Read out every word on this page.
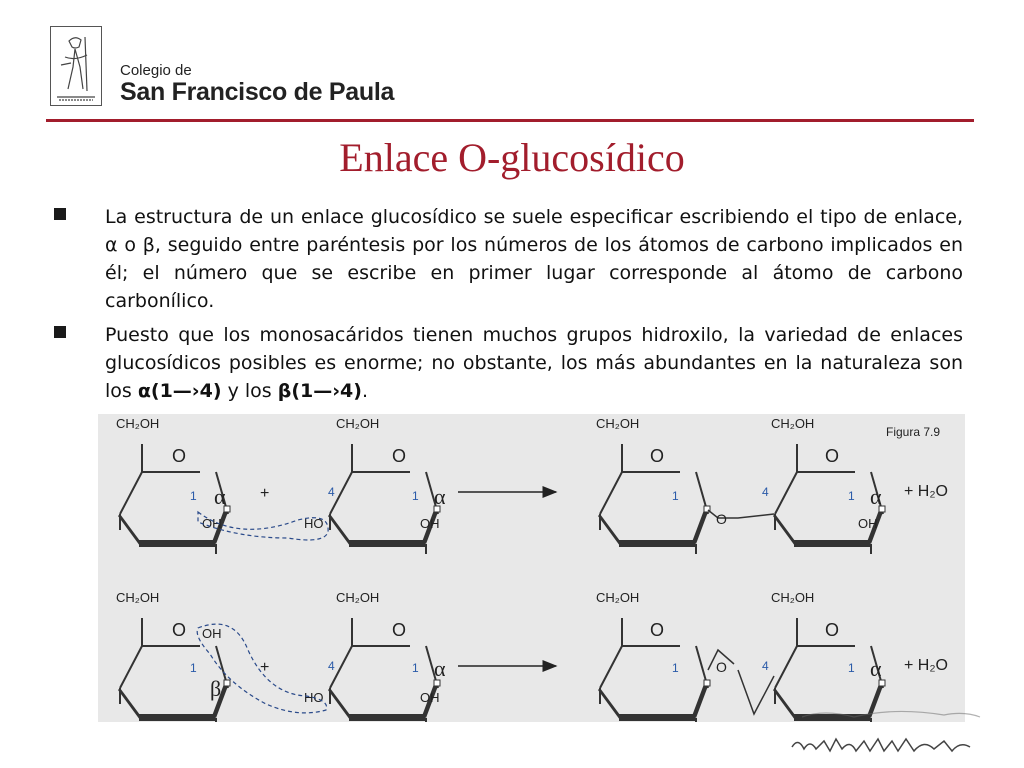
Colegio de
San Francisco de Paula
Enlace O-glucosídico
La estructura de un enlace glucosídico se suele especificar escribiendo el tipo de enlace, α o β, seguido entre paréntesis por los números de los átomos de carbono implicados en él; el número que se escribe en primer lugar corresponde al átomo de carbono carbonílico.
Puesto que los monosacáridos tienen muchos grupos hidroxilo, la variedad de enlaces glucosídicos posibles es enorme; no obstante, los más abundantes en la naturaleza son los α(1—›4) y los β(1—›4).
CH₂OH
O
1 α
OH
+
CH₂OH
O
4	1 α
HO	OH
CH₂OH
O
1
O
CH₂OH
O
4	1 α
OH
+ H₂O
CH₂OH
O OH
1
β
+
CH₂OH
O
4	1 α
HO	OH
CH₂OH
O
1	O
CH₂OH
O
4	1 α + H₂O
Figura 7.9
